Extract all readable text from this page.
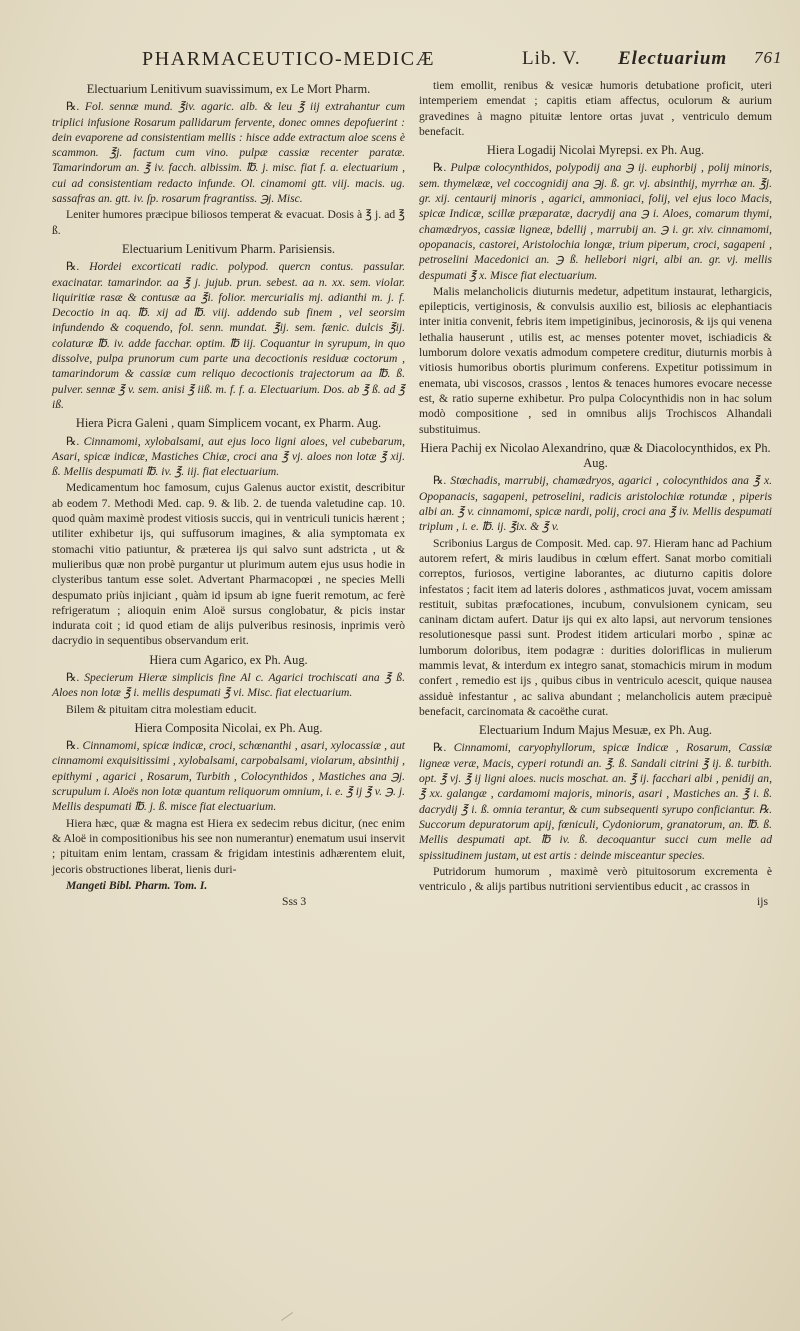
PHARMACEUTICO-MEDICÆ	Lib. V. Electuarium 761

Electuarium Lenitivum suavissimum, ex Le Mort Pharm.

℞. Fol. sennæ mund. ℥iv. agaric. alb. & leu ℥ iij extrahantur cum triplici infusione Rosarum pallidarum fervente, donec omnes depofuerint : dein evaporene ad consistentiam mellis : hisce adde extractum aloe scens è scammon. ℥j. factum cum vino. pulpæ cassiæ recenter paratæ. Tamarindorum an. ℥ iv. facch. albissim. ℔. j. misc. fiat f. a. electuarium , cui ad consistentiam redacto infunde. Ol. cinamomi gtt. viij. macis. ug. sassafras an. gtt. iv. ſp. rosarum fragrantiss. ℈j. Misc.

Leniter humores præcipue biliosos temperat & evacuat. Dosis à ℥ j. ad ℥ ß.

Electuarium Lenitivum Pharm. Parisiensis.

℞. Hordei excorticati radic. polypod. quercn contus. passular. exacinatar. tamarindor. aa ℥ j. jujub. prun. sebest. aa n. xx. sem. violar. liquiritiæ rasæ & contusæ aa ℥i. folior. mercurialis mj. adianthi m. j. f. Decoctio in aq. ℔. xij ad ℔. viij. addendo sub finem , vel seorsim infundendo & coquendo, fol. senn. mundat. ℥ij. sem. fænic. dulcis ℥ij. colaturæ ℔. iv. adde facchar. optim. ℔ iij. Coquantur in syrupum, in quo dissolve, pulpa prunorum cum parte una decoctionis residuæ coctorum , tamarindorum & cassiæ cum reliquo decoctionis trajectorum aa ℔. ß. pulver. sennæ ℥ v. sem. anisi ℥ iiß. m. f. f. a. Electuarium. Dos. ab ℥ ß. ad ℥ iß.

Hiera Picra Galeni , quam Simplicem vocant, ex Pharm. Aug.

℞. Cinnamomi, xylobalsami, aut ejus loco ligni aloes, vel cubebarum, Asari, spicæ indicæ, Mastiches Chiæ, croci ana ℥ vj. aloes non lotæ ℥ xij. ß. Mellis despumati ℔. iv. ℥. iij. fiat electuarium.

Medicamentum hoc famosum, cujus Galenus auctor existit, describitur ab eodem 7. Methodi Med. cap. 9. & lib. 2. de tuenda valetudine cap. 10. quod quàm maximè prodest vitiosis succis, qui in ventriculi tunicis hærent ; utiliter exhibetur ijs, qui suffusorum imagines, & alia symptomata ex stomachi vitio patiuntur, & præterea ijs qui salvo sunt adstricta , ut & mulieribus quæ non probè purgantur ut plurimum autem ejus usus hodie in clysteribus tantum esse solet. Advertant Pharmacopœi , ne species Melli despumato priùs injiciant , quàm id ipsum ab igne fuerit remotum, ac ferè refrigeratum ; alioquin enim Aloë sursus conglobatur, & picis instar indurata coit ; id quod etiam de alijs pulveribus resinosis, inprimis verò dacrydio in sequentibus observandum erit.

Hiera cum Agarico, ex Ph. Aug.

℞. Specierum Hieræ simplicis fine Al c. Agarici trochiscati ana ℥ ß. Aloes non lotæ ℥ i. mellis despumati ℥ vi. Misc. fiat electuarium.

Bilem & pituitam citra molestiam educit.

Hiera Composita Nicolai, ex Ph. Aug.

℞. Cinnamomi, spicæ indicæ, croci, schœnanthi , asari, xylocassiæ , aut cinnamomi exquisitissimi , xylobalsami, carpobalsami, violarum, absinthij , epithymi , agarici , Rosarum, Turbith , Colocynthidos , Mastiches ana ℈j. scrupulum i. Aloës non lotæ quantum reliquorum omnium, i. e. ℥ ij ℥ v. ℈. j. Mellis despumati ℔. j. ß. misce fiat electuarium.

Hiera hæc, quæ & magna est Hiera ex sedecim rebus dicitur, (nec enim & Aloë in compositionibus his see non numerantur) enematum usui inservit ; pituitam enim lentam, crassam & frigidam intestinis adhærentem eluit, jecoris obstructiones liberat, lienis duri-

Mangeti Bibl. Pharm. Tom. I.

tiem emollit, renibus & vesicæ humoris detubatione proficit, uteri intemperiem emendat ; capitis etiam affectus, oculorum & aurium gravedines à magno pituitæ lentore ortas juvat , ventriculo demum benefacit.

Hiera Logadij Nicolai Myrepsi. ex Ph. Aug.

℞. Pulpæ colocynthidos, polypodij ana ℈ ij. euphorbij , polij minoris, sem. thymelææ, vel coccognidij ana ℈j. ß. gr. vj. absinthij, myrrhæ an. ℥j. gr. xij. centaurij minoris , agarici, ammoniaci, folij, vel ejus loco Macis, spicæ Indicæ, scillæ præparatæ, dacrydij ana ℈ i. Aloes, comarum thymi, chamædryos, cassiæ ligneæ, bdellij , marrubij an. ℈ i. gr. xiv. cinnamomi, opopanacis, castorei, Aristolochia longæ, trium piperum, croci, sagapeni , petroselini Macedonici an. ℈ ß. hellebori nigri, albi an. gr. vj. mellis despumati ℥ x. Misce fiat electuarium.

Malis melancholicis diuturnis medetur, adpetitum instaurat, lethargicis, epilepticis, vertiginosis, & convulsis auxilio est, biliosis ac elephantiacis inter initia convenit, febris item impetiginibus, jecinorosis, & ijs qui venena lethalia hauserunt , utilis est, ac menses potenter movet, ischiadicis & lumborum dolore vexatis admodum competere creditur, diuturnis morbis à vitiosis humoribus obortis plurimum conferens. Expetitur potissimum in enemata, ubi viscosos, crassos , lentos & tenaces humores evocare necesse est, & ratio superne exhibetur. Pro pulpa Colocynthidis non in hac solum modò compositione , sed in omnibus alijs Trochiscos Alhandali substituimus.

Hiera Pachij ex Nicolao Alexandrino, quæ & Diacolocynthidos, ex Ph. Aug.

℞. Stœchadis, marrubij, chamædryos, agarici , colocynthidos ana ℥ x. Opopanacis, sagapeni, petroselini, radicis aristolochiæ rotundæ , piperis albi an. ℥ v. cinnamomi, spicæ nardi, polij, croci ana ℥ iv. Mellis despumati triplum , i. e. ℔. ij. ℥ix. & ℥ v.

Scribonius Largus de Composit. Med. cap. 97. Hieram hanc ad Pachium autorem refert, & miris laudibus in cœlum effert. Sanat morbo comitiali correptos, furiosos, vertigine laborantes, ac diuturno capitis dolore infestatos ; facit item ad lateris dolores , asthmaticos juvat, vocem amissam restituit, subitas præfocationes, incubum, convulsionem cynicam, seu caninam dictam aufert. Datur ijs qui ex alto lapsi, aut nervorum tensiones resolutionesque passi sunt. Prodest itidem articulari morbo , spinæ ac lumborum doloribus, item podagræ : durities doloriflicas in mulierum mammis levat, & interdum ex integro sanat, stomachicis mirum in modum confert , remedio est ijs , quibus cibus in ventriculo acescit, quique nausea assiduè infestantur , ac saliva abundant ; melancholicis autem præcipuè benefacit, carcinomata & cacoëthe curat.

Electuarium Indum Majus Mesuæ, ex Ph. Aug.

℞. Cinnamomi, caryophyllorum, spicæ Indicæ , Rosarum, Cassiæ ligneæ veræ, Macis, cyperi rotundi an. ℥. ß. Sandali citrini ℥ ij. ß. turbith. opt. ℥ vj. ℥ ij ligni aloes. nucis moschat. an. ℥ ij. facchari albi , penidij an, ℥ xx. galangæ , cardamomi majoris, minoris, asari , Mastiches an. ℥ i. ß. dacrydij ℥ i. ß. omnia terantur, & cum subsequenti syrupo conficiantur. ℞. Succorum depuratorum apij, fœniculi, Cydoniorum, granatorum, an. ℔. ß. Mellis despumati apt. ℔ iv. ß. decoquantur succi cum melle ad spissitudinem justam, ut est artis : deinde misceantur species.

Putridorum humorum , maximè verò pituitosorum excrementa è ventriculo , & alijs partibus nutritioni servientibus educit , ac crassos in

Sss 3	ijs
